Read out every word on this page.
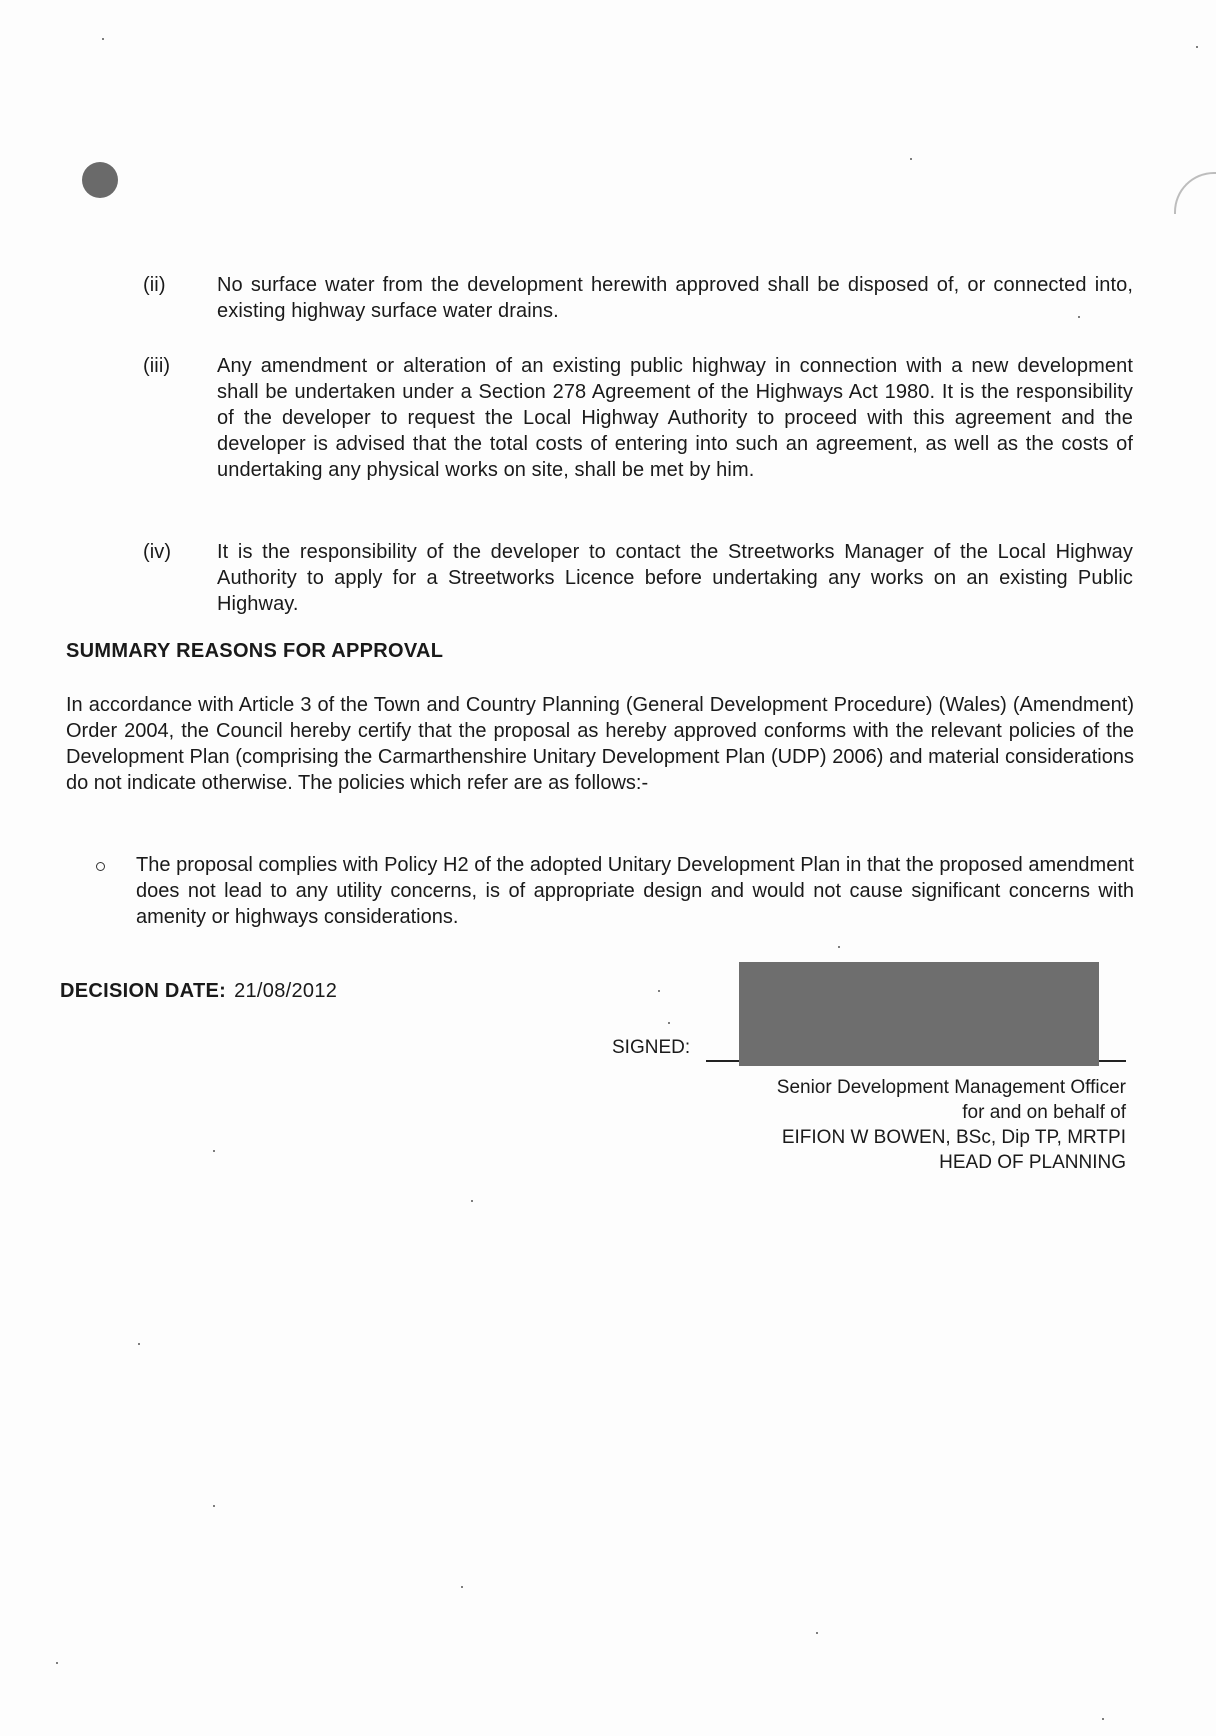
(ii)	No surface water from the development herewith approved shall be disposed of, or connected into, existing highway surface water drains.
(iii)	Any amendment or alteration of an existing public highway in connection with a new development shall be undertaken under a Section 278 Agreement of the Highways Act 1980. It is the responsibility of the developer to request the Local Highway Authority to proceed with this agreement and the developer is advised that the total costs of entering into such an agreement, as well as the costs of undertaking any physical works on site, shall be met by him.
(iv)	It is the responsibility of the developer to contact the Streetworks Manager of the Local Highway Authority to apply for a Streetworks Licence before undertaking any works on an existing Public Highway.
SUMMARY REASONS FOR APPROVAL
In accordance with Article 3 of the Town and Country Planning (General Development Procedure) (Wales) (Amendment) Order 2004, the Council hereby certify that the proposal as hereby approved conforms with the relevant policies of the Development Plan (comprising the Carmarthenshire Unitary Development Plan (UDP) 2006) and material considerations do not indicate otherwise. The policies which refer are as follows:-
The proposal complies with Policy H2 of the adopted Unitary Development Plan in that the proposed amendment does not lead to any utility concerns, is of appropriate design and would not cause significant concerns with amenity or highways considerations.
DECISION DATE: 21/08/2012
SIGNED:
Senior Development Management Officer
for and on behalf of
EIFION W BOWEN, BSc, Dip TP, MRTPI
HEAD OF PLANNING
